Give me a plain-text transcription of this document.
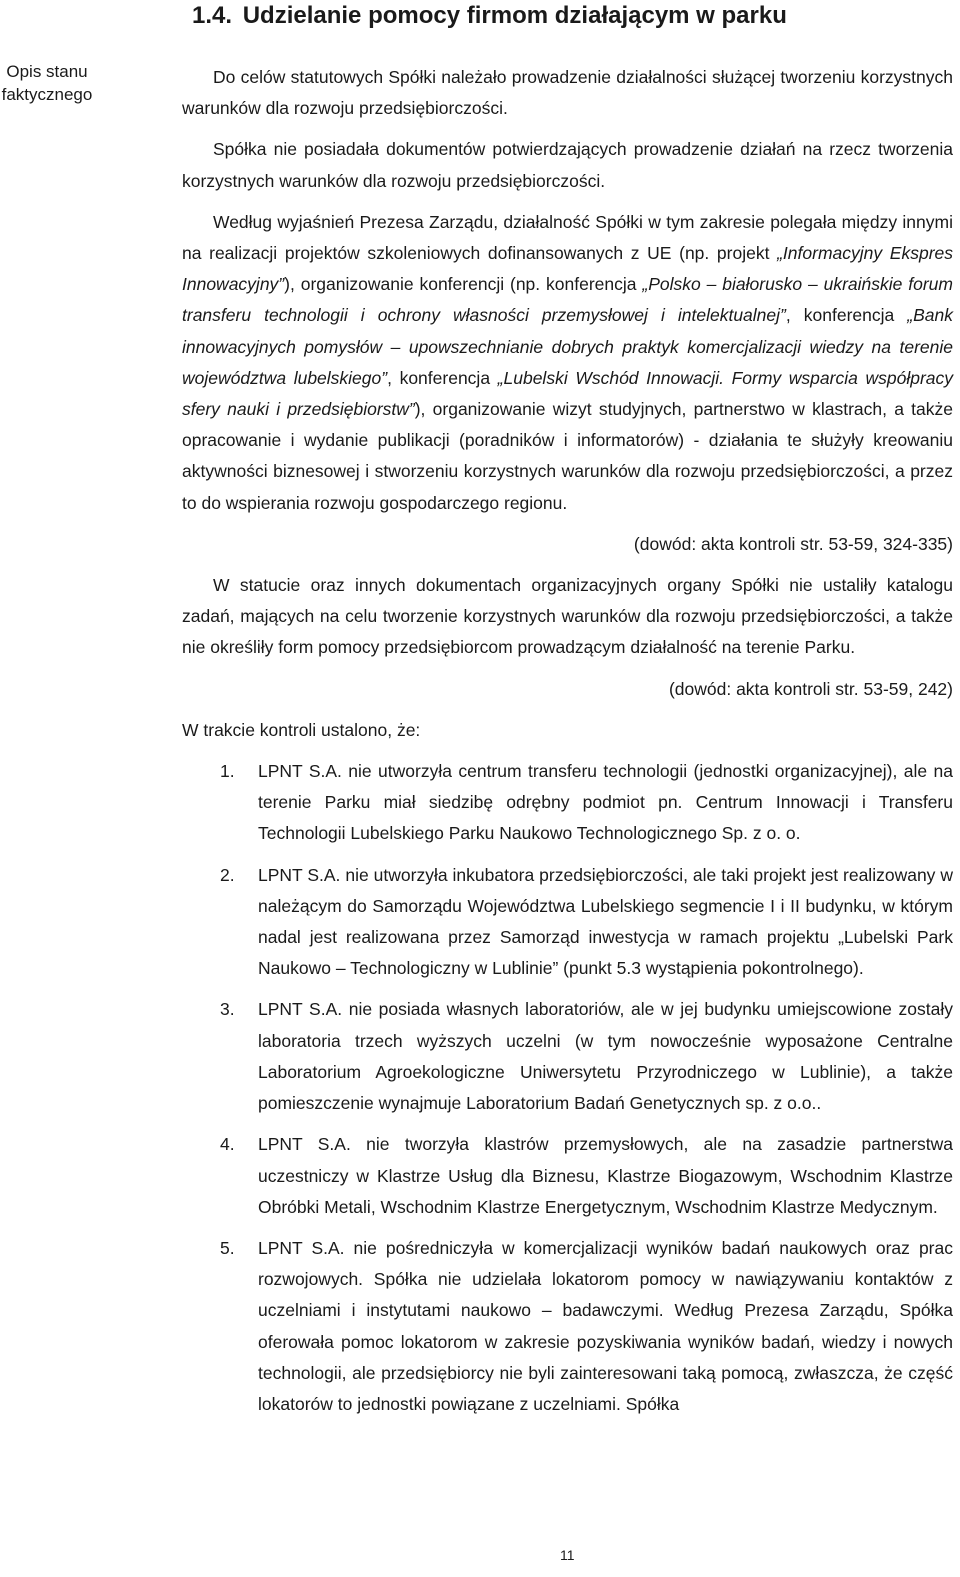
1.4. Udzielanie pomocy firmom działającym w parku
Opis stanu
faktycznego

Do celów statutowych Spółki należało prowadzenie działalności służącej tworzeniu korzystnych warunków dla rozwoju przedsiębiorczości.

Spółka nie posiadała dokumentów potwierdzających prowadzenie działań na rzecz tworzenia korzystnych warunków dla rozwoju przedsiębiorczości.

Według wyjaśnień Prezesa Zarządu, działalność Spółki w tym zakresie polegała między innymi na realizacji projektów szkoleniowych dofinansowanych z UE (np. projekt „Informacyjny Ekspres Innowacyjny”), organizowanie konferencji (np. konferencja „Polsko – białorusko – ukraińskie forum transferu technologii i ochrony własności przemysłowej i intelektualnej”, konferencja „Bank innowacyjnych pomysłów – upowszechnianie dobrych praktyk komercjalizacji wiedzy na terenie województwa lubelskiego”, konferencja „Lubelski Wschód Innowacji. Formy wsparcia współpracy sfery nauki i przedsiębiorstw”), organizowanie wizyt studyjnych, partnerstwo w klastrach, a także opracowanie i wydanie publikacji (poradników i informatorów) - działania te służyły kreowaniu aktywności biznesowej i stworzeniu korzystnych warunków dla rozwoju przedsiębiorczości, a przez to do wspierania rozwoju gospodarczego regionu.

(dowód: akta kontroli str. 53-59, 324-335)

W statucie oraz innych dokumentach organizacyjnych organy Spółki nie ustaliły katalogu zadań, mających na celu tworzenie korzystnych warunków dla rozwoju przedsiębiorczości, a także nie określiły form pomocy przedsiębiorcom prowadzącym działalność na terenie Parku.

(dowód: akta kontroli str. 53-59, 242)

W trakcie kontroli ustalono, że:

1. LPNT S.A. nie utworzyła centrum transferu technologii (jednostki organizacyjnej), ale na terenie Parku miał siedzibę odrębny podmiot pn. Centrum Innowacji i Transferu Technologii Lubelskiego Parku Naukowo Technologicznego Sp. z o. o.
2. LPNT S.A. nie utworzyła inkubatora przedsiębiorczości, ale taki projekt jest realizowany w należącym do Samorządu Województwa Lubelskiego segmencie I i II budynku, w którym nadal jest realizowana przez Samorząd inwestycja w ramach projektu „Lubelski Park Naukowo – Technologiczny w Lublinie” (punkt 5.3 wystąpienia pokontrolnego).
3. LPNT S.A. nie posiada własnych laboratoriów, ale w jej budynku umiejscowione zostały laboratoria trzech wyższych uczelni (w tym nowocześnie wyposażone Centralne Laboratorium Agroekologiczne Uniwersytetu Przyrodniczego w Lublinie), a także pomieszczenie wynajmuje Laboratorium Badań Genetycznych sp. z o.o..
4. LPNT S.A. nie tworzyła klastrów przemysłowych, ale na zasadzie partnerstwa uczestniczy w Klastrze Usług dla Biznesu, Klastrze Biogazowym, Wschodnim Klastrze Obróbki Metali, Wschodnim Klastrze Energetycznym, Wschodnim Klastrze Medycznym.
5. LPNT S.A. nie pośredniczyła w komercjalizacji wyników badań naukowych oraz prac rozwojowych. Spółka nie udzielała lokatorom pomocy w nawiązywaniu kontaktów z uczelniami i instytutami naukowo – badawczymi. Według Prezesa Zarządu, Spółka oferowała pomoc lokatorom w zakresie pozyskiwania wyników badań, wiedzy i nowych technologii, ale przedsiębiorcy nie byli zainteresowani taką pomocą, zwłaszcza, że część lokatorów to jednostki powiązane z uczelniami. Spółka
11
